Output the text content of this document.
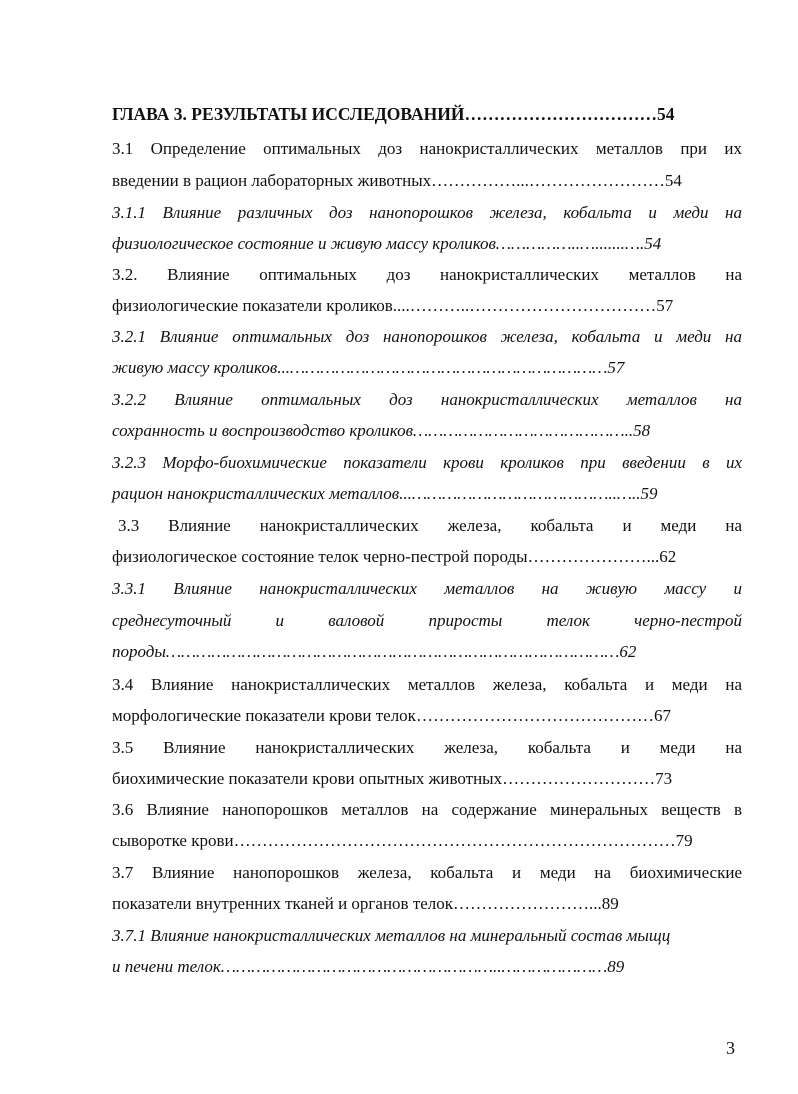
ГЛАВА 3. РЕЗУЛЬТАТЫ ИССЛЕДОВАНИЙ……………………………54
3.1 Определение оптимальных доз нанокристаллических металлов при их
введении в рацион лабораторных животных……………...……………………54
3.1.1 Влияние различных доз нанопорошков железа, кобальта и меди на
физиологическое состояние и живую массу кроликов……………..….......….54
3.2. Влияние оптимальных доз нанокристаллических металлов на
физиологические показатели кроликов....………..……………………………57
3.2.1 Влияние оптимальных доз нанопорошков железа, кобальта и меди на
живую массу кроликов...………………………………………………………57
3.2.2 Влияние оптимальных доз нанокристаллических металлов на
сохранность и воспроизводство кроликов……………………………………..58
3.2.3 Морфо-биохимические показатели крови кроликов при введении в их
рацион нанокристаллических металлов...…………………………………..…..59
3.3 Влияние нанокристаллических железа, кобальта и меди на
физиологическое состояние телок черно-пестрой породы…………………...62
3.3.1 Влияние нанокристаллических металлов на живую массу и
среднесуточный и валовой приросты телок черно-пестрой
породы………………………………………………………………………………62
3.4 Влияние нанокристаллических металлов железа, кобальта и меди на
морфологические показатели крови телок……………………………………67
3.5 Влияние нанокристаллических железа, кобальта и меди на
биохимические показатели крови опытных животных………………………73
3.6 Влияние нанопорошков металлов на содержание минеральных веществ в
сыворотке крови……………………………………………………………………79
3.7 Влияние нанопорошков железа, кобальта и меди на биохимические
показатели внутренних тканей и органов телок……………………...89
3.7.1 Влияние нанокристаллических металлов на минеральный состав мыщц
и печени телок………………………………………………..…………………89
3
